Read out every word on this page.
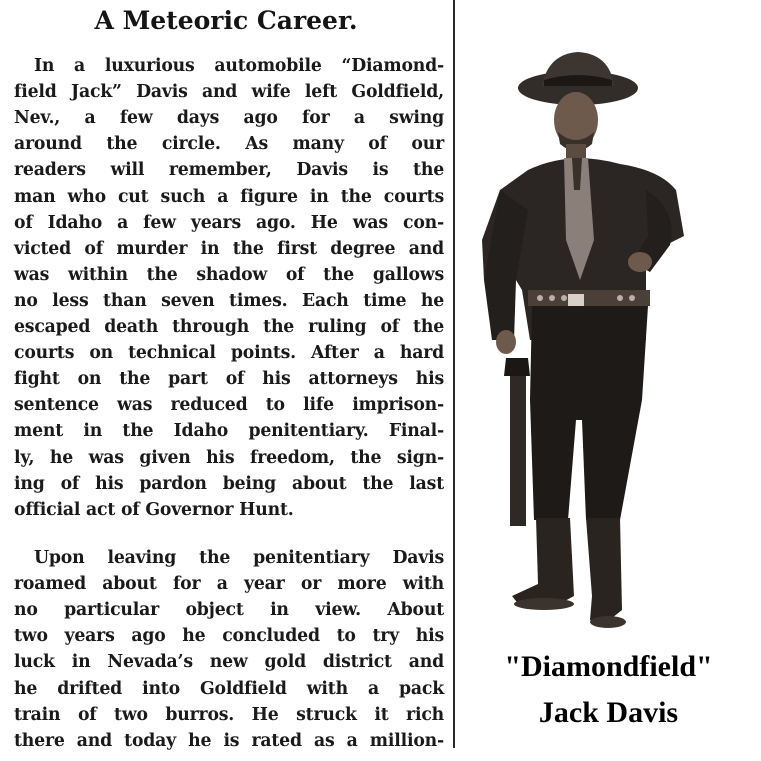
A Meteoric Career.
In a luxurious automobile “Diamond-
field Jack” Davis and wife left Goldfield,
Nev., a few days ago for a swing
around the circle. As many of our
readers will remember, Davis is the
man who cut such a figure in the courts
of Idaho a few years ago. He was con-
victed of murder in the first degree and
was within the shadow of the gallows
no less than seven times. Each time he
escaped death through the ruling of the
courts on technical points. After a hard
fight on the part of his attorneys his
sentence was reduced to life imprison-
ment in the Idaho penitentiary. Final-
ly, he was given his freedom, the sign-
ing of his pardon being about the last
official act of Governor Hunt.
Upon leaving the penitentiary Davis
roamed about for a year or more with
no particular object in view. About
two years ago he concluded to try his
luck in Nevada’s new gold district and
he drifted into Goldfield with a pack
train of two burros. He struck it rich
there and today he is rated as a million-
"Diamondfield"
Jack Davis
